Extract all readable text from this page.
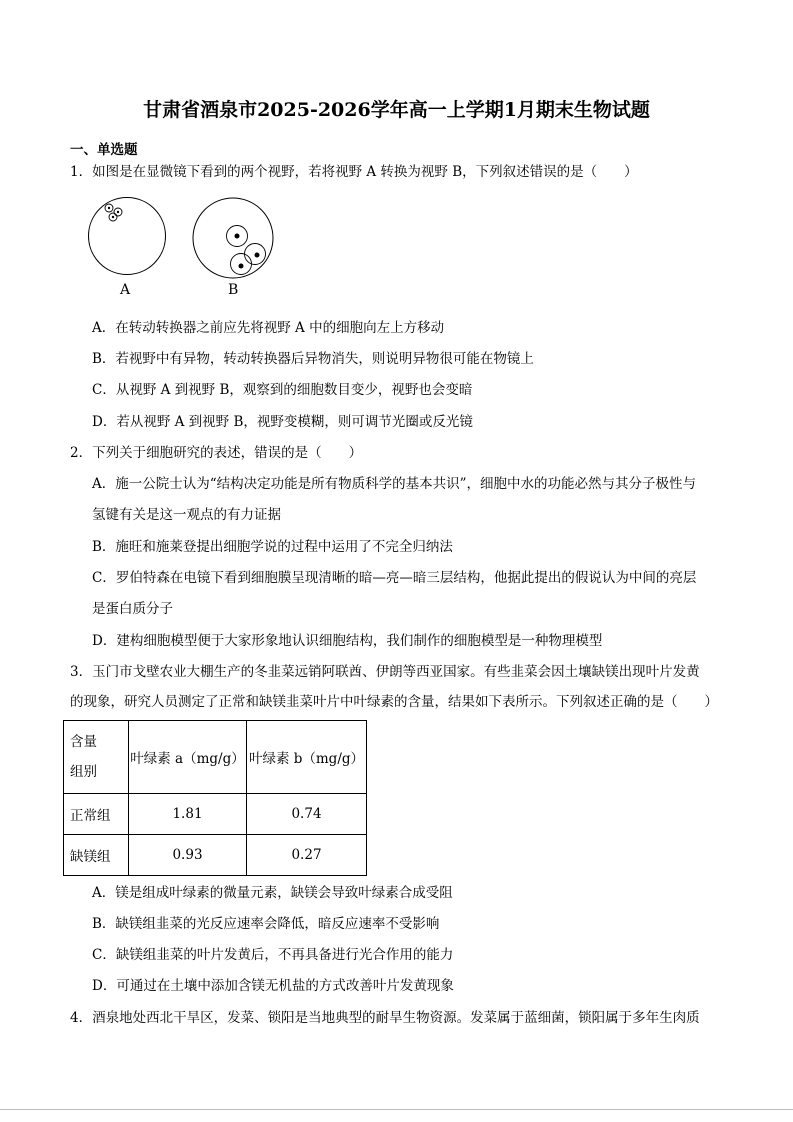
甘肃省酒泉市2025-2026学年高一上学期1月期末生物试题
一、单选题
1．如图是在显微镜下看到的两个视野，若将视野 A 转换为视野 B，下列叙述错误的是（　　）
A	B
A．在转动转换器之前应先将视野 A 中的细胞向左上方移动
B．若视野中有异物，转动转换器后异物消失，则说明异物很可能在物镜上
C．从视野 A 到视野 B，观察到的细胞数目变少，视野也会变暗
D．若从视野 A 到视野 B，视野变模糊，则可调节光圈或反光镜
2．下列关于细胞研究的表述，错误的是（　　）
A．施一公院士认为“结构决定功能是所有物质科学的基本共识”，细胞中水的功能必然与其分子极性与
氢键有关是这一观点的有力证据
B．施旺和施莱登提出细胞学说的过程中运用了不完全归纳法
C．罗伯特森在电镜下看到细胞膜呈现清晰的暗—亮—暗三层结构，他据此提出的假说认为中间的亮层
是蛋白质分子
D．建构细胞模型便于大家形象地认识细胞结构，我们制作的细胞模型是一种物理模型
3．玉门市戈壁农业大棚生产的冬韭菜远销阿联酋、伊朗等西亚国家。有些韭菜会因土壤缺镁出现叶片发黄
的现象，研究人员测定了正常和缺镁韭菜叶片中叶绿素的含量，结果如下表所示。下列叙述正确的是（　　）
含量
组别	叶绿素 a（mg/g）	叶绿素 b（mg/g）
正常组	1.81	0.74
缺镁组	0.93	0.27
A．镁是组成叶绿素的微量元素，缺镁会导致叶绿素合成受阻
B．缺镁组韭菜的光反应速率会降低，暗反应速率不受影响
C．缺镁组韭菜的叶片发黄后，不再具备进行光合作用的能力
D．可通过在土壤中添加含镁无机盐的方式改善叶片发黄现象
4．酒泉地处西北干旱区，发菜、锁阳是当地典型的耐旱生物资源。发菜属于蓝细菌，锁阳属于多年生肉质
